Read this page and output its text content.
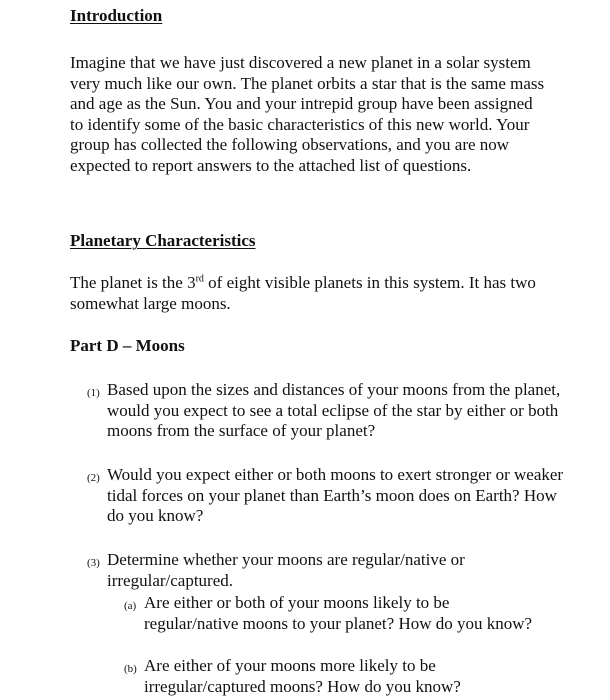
Introduction

Imagine that we have just discovered a new planet in a solar system very much like our own. The planet orbits a star that is the same mass and age as the Sun. You and your intrepid group have been assigned to identify some of the basic characteristics of this new world. Your group has collected the following observations, and you are now expected to report answers to the attached list of questions.

Planetary Characteristics

The planet is the 3rd of eight visible planets in this system. It has two somewhat large moons.

Part D – Moons
(1) Based upon the sizes and distances of your moons from the planet, would you expect to see a total eclipse of the star by either or both moons from the surface of your planet?
(2) Would you expect either or both moons to exert stronger or weaker tidal forces on your planet than Earth’s moon does on Earth? How do you know?
(3) Determine whether your moons are regular/native or irregular/captured.
(a) Are either or both of your moons likely to be regular/native moons to your planet? How do you know?
(b) Are either of your moons more likely to be irregular/captured moons? How do you know?
